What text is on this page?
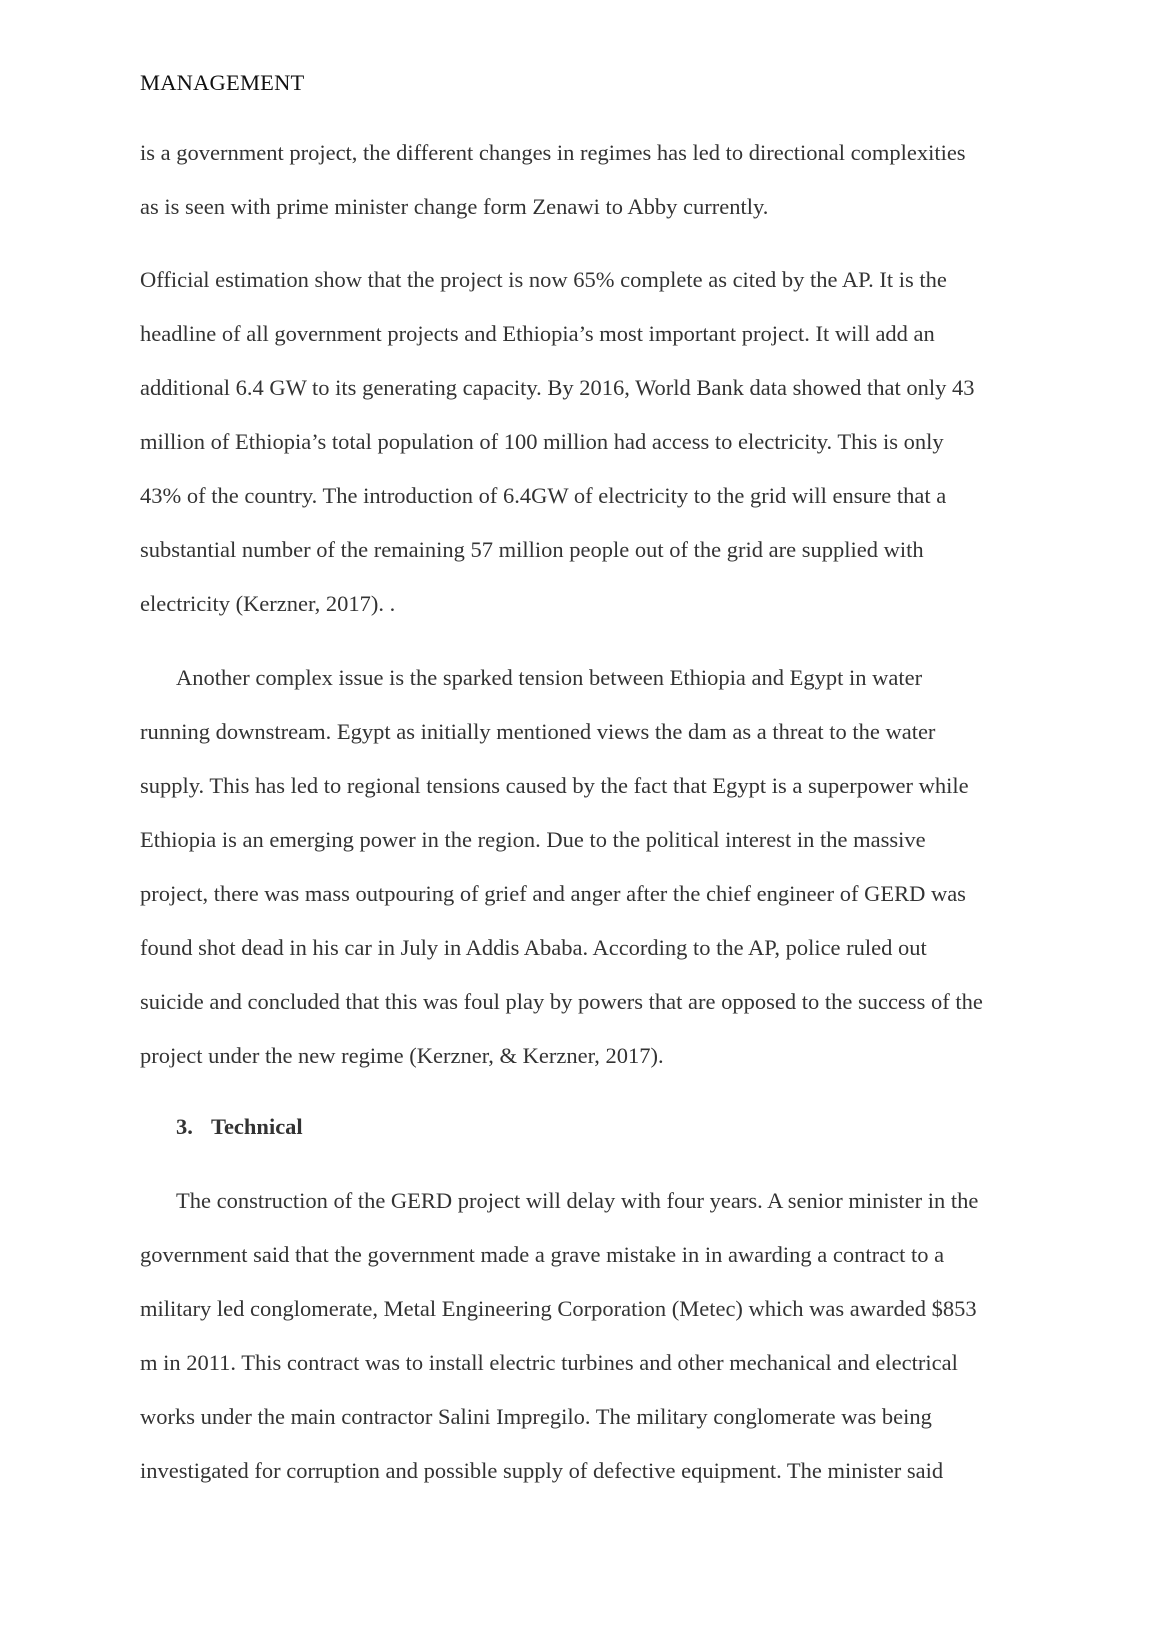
MANAGEMENT
is a government project, the different changes in regimes has led to directional complexities
as is seen with prime minister change form Zenawi to Abby currently.
Official estimation show that the project is now 65% complete as cited by the AP. It is the
headline of all government projects and Ethiopia’s most important project. It will add an
additional 6.4 GW to its generating capacity. By 2016, World Bank data showed that only 43
million of Ethiopia’s total population of 100 million had access to electricity. This is only
43% of the country. The introduction of 6.4GW of electricity to the grid will ensure that a
substantial number of the remaining 57 million people out of the grid are supplied with
electricity (Kerzner, 2017). .
Another complex issue is the sparked tension between Ethiopia and Egypt in water
running downstream. Egypt as initially mentioned views the dam as a threat to the water
supply. This has led to regional tensions caused by the fact that Egypt is a superpower while
Ethiopia is an emerging power in the region. Due to the political interest in the massive
project, there was mass outpouring of grief and anger after the chief engineer of GERD was
found shot dead in his car in July in Addis Ababa. According to the AP, police ruled out
suicide and concluded that this was foul play by powers that are opposed to the success of the
project under the new regime (Kerzner, & Kerzner, 2017).
3. Technical
The construction of the GERD project will delay with four years. A senior minister in the
government said that the government made a grave mistake in in awarding a contract to a
military led conglomerate, Metal Engineering Corporation (Metec) which was awarded $853
m in 2011. This contract was to install electric turbines and other mechanical and electrical
works under the main contractor Salini Impregilo. The military conglomerate was being
investigated for corruption and possible supply of defective equipment. The minister said
